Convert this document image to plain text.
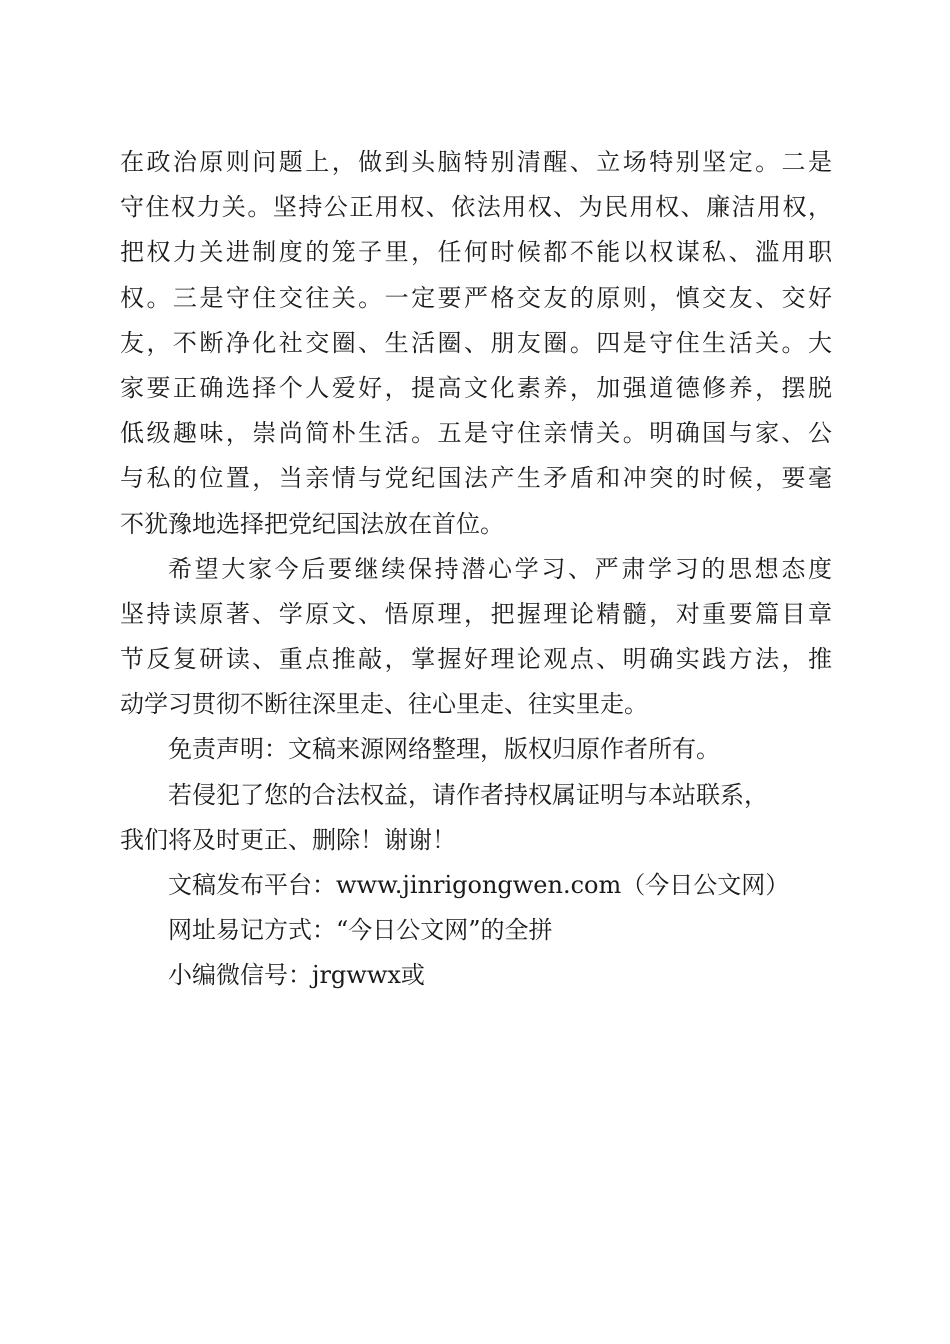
在政治原则问题上，做到头脑特别清醒、立场特别坚定。二是
守住权力关。坚持公正用权、依法用权、为民用权、廉洁用权，
把权力关进制度的笼子里，任何时候都不能以权谋私、滥用职
权。三是守住交往关。一定要严格交友的原则，慎交友、交好
友，不断净化社交圈、生活圈、朋友圈。四是守住生活关。大
家要正确选择个人爱好，提高文化素养，加强道德修养，摆脱
低级趣味，崇尚简朴生活。五是守住亲情关。明确国与家、公
与私的位置，当亲情与党纪国法产生矛盾和冲突的时候，要毫
不犹豫地选择把党纪国法放在首位。
希望大家今后要继续保持潜心学习、严肃学习的思想态度
坚持读原著、学原文、悟原理，把握理论精髓，对重要篇目章
节反复研读、重点推敲，掌握好理论观点、明确实践方法，推
动学习贯彻不断往深里走、往心里走、往实里走。
免责声明：文稿来源网络整理，版权归原作者所有。
若侵犯了您的合法权益，请作者持权属证明与本站联系，
我们将及时更正、删除！谢谢！
文稿发布平台：www.jinrigongwen.com（今日公文网）
网址易记方式：“今日公文网”的全拼
小编微信号：jrgwwx或
